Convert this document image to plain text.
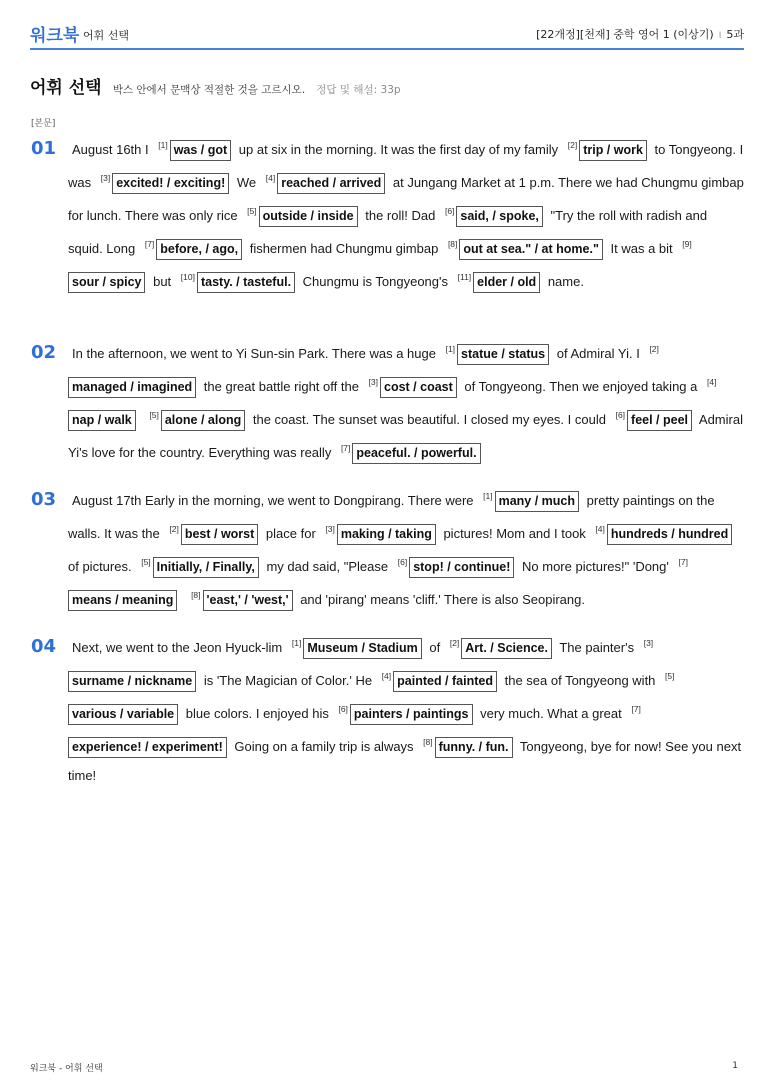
워크북 어휘 선택	[22개정][천재] 중학 영어 1 (이상기) I 5과
어휘 선택 박스 안에서 문맥상 적절한 것을 고르시오. 정답 및 해설: 33p
[본문]
01	August 16th I [1] was / got up at six in the morning. It was the first day of my family [2] trip / work to Tongyeong. I was [3] excited! / exciting! We [4] reached / arrived at Jungang Market at 1 p.m. There we had Chungmu gimbap for lunch. There was only rice [5] outside / inside the roll! Dad [6] said, / spoke, "Try the roll with radish and squid. Long [7] before, / ago, fishermen had Chungmu gimbap [8] out at sea." / at home." It was a bit [9]sour / spicy but [10] tasty. / tasteful. Chungmu is Tongyeong's [11] elder / old name.
02	In the afternoon, we went to Yi Sun-sin Park. There was a huge [1] statue / status of Admiral Yi. I [2]managed / imagined the great battle right off the [3] cost / coast of Tongyeong. Then we enjoyed taking a [4]nap / walk [5] alone / along the coast. The sunset was beautiful. I closed my eyes. I could [6] feel / peel Admiral Yi's love for the country. Everything was really [7] peaceful. / powerful.
03	August 17th Early in the morning, we went to Dongpirang. There were [1] many / much pretty paintings on the walls. It was the [2] best / worst place for [3] making / taking pictures! Mom and I took [4] hundreds / hundred of pictures. [5] Initially, / Finally, my dad said, "Please [6] stop! / continue! No more pictures!" 'Dong' [7]means / meaning [8] 'east,' / 'west,' and 'pirang' means 'cliff.' There is also Seopirang.
04	Next, we went to the Jeon Hyuck-lim [1] Museum / Stadium of [2] Art. / Science. The painter's [3]surname / nickname is 'The Magician of Color.' He [4] painted / fainted the sea of Tongyeong with [5]various / variable blue colors. I enjoyed his [6] painters / paintings very much. What a great [7]experience! / experiment! Going on a family trip is always [8] funny. / fun. Tongyeong, bye for now! See you next time!
워크북 - 어휘 선택	1
